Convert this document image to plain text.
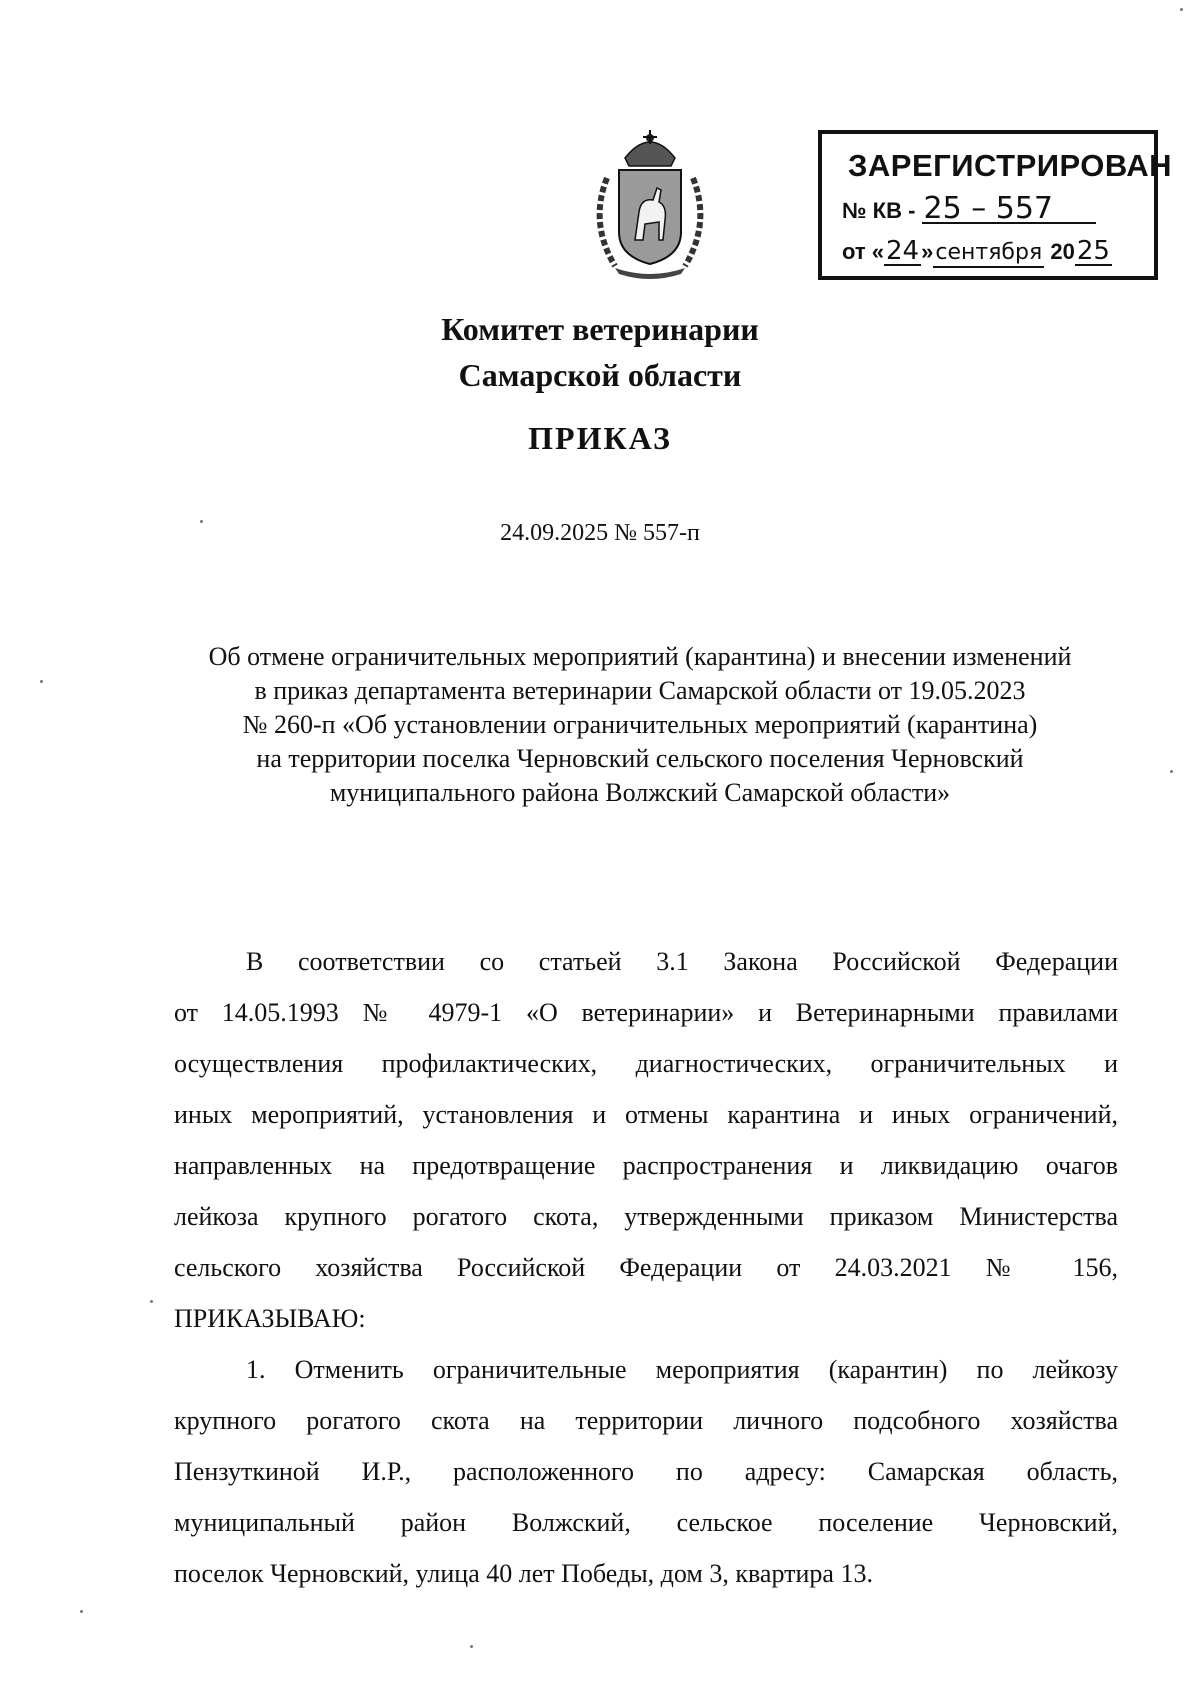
ЗАРЕГИСТРИРОВАН
№ КВ - 25 – 557
от «24»сентября 2025
Комитет ветеринарии
Самарской области
ПРИКАЗ
24.09.2025 № 557-п
Об отмене ограничительных мероприятий (карантина) и внесении изменений
в приказ департамента ветеринарии Самарской области от 19.05.2023
№ 260-п «Об установлении ограничительных мероприятий (карантина)
на территории поселка Черновский сельского поселения Черновский
муниципального района Волжский Самарской области»
В соответствии со статьей 3.1 Закона Российской Федерации
от 14.05.1993 № 4979-1 «О ветеринарии» и Ветеринарными правилами
осуществления профилактических, диагностических, ограничительных и
иных мероприятий, установления и отмены карантина и иных ограничений,
направленных на предотвращение распространения и ликвидацию очагов
лейкоза крупного рогатого скота, утвержденными приказом Министерства
сельского хозяйства Российской Федерации от 24.03.2021 № 156,
ПРИКАЗЫВАЮ:
1. Отменить ограничительные мероприятия (карантин) по лейкозу
крупного рогатого скота на территории личного подсобного хозяйства
Пензуткиной И.Р., расположенного по адресу: Самарская область,
муниципальный район Волжский, сельское поселение Черновский,
поселок Черновский, улица 40 лет Победы, дом 3, квартира 13.
